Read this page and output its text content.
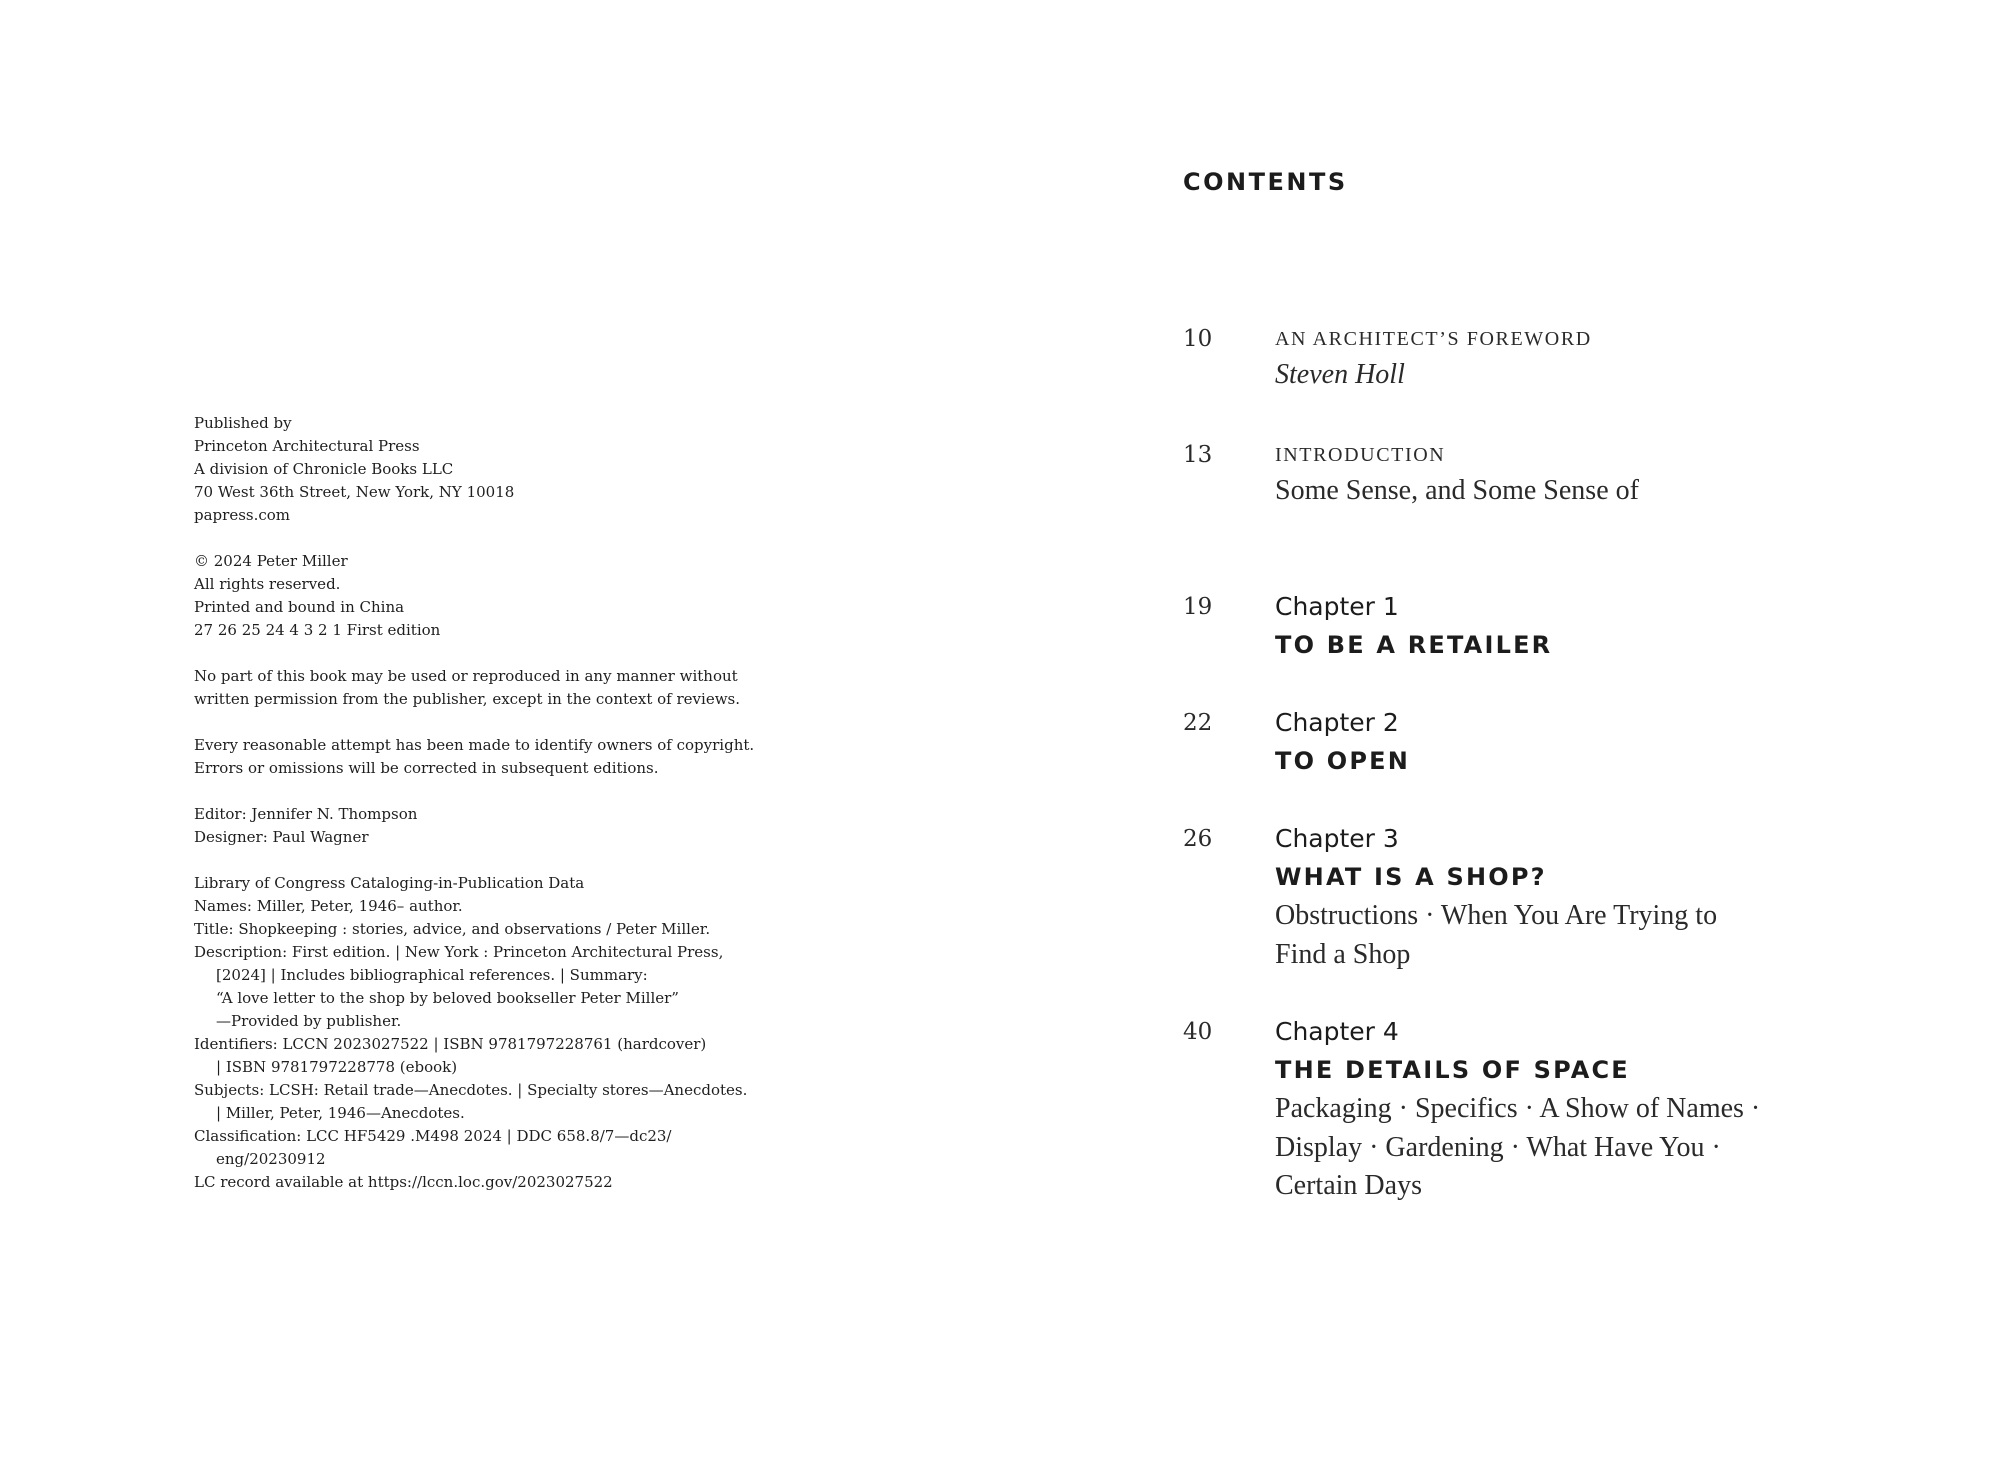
Published by
Princeton Architectural Press
A division of Chronicle Books LLC
70 West 36th Street, New York, NY 10018
papress.com
© 2024 Peter Miller
All rights reserved.
Printed and bound in China
27 26 25 24 4 3 2 1 First edition
No part of this book may be used or reproduced in any manner without
written permission from the publisher, except in the context of reviews.
Every reasonable attempt has been made to identify owners of copyright.
Errors or omissions will be corrected in subsequent editions.
Editor: Jennifer N. Thompson
Designer: Paul Wagner
Library of Congress Cataloging-in-Publication Data
Names: Miller, Peter, 1946– author.
Title: Shopkeeping : stories, advice, and observations / Peter Miller.
Description: First edition. | New York : Princeton Architectural Press,
[2024] | Includes bibliographical references. | Summary:
“A love letter to the shop by beloved bookseller Peter Miller”
—Provided by publisher.
Identifiers: LCCN 2023027522 | ISBN 9781797228761 (hardcover)
| ISBN 9781797228778 (ebook)
Subjects: LCSH: Retail trade—Anecdotes. | Specialty stores—Anecdotes.
| Miller, Peter, 1946—Anecdotes.
Classification: LCC HF5429 .M498 2024 | DDC 658.8/7—dc23/
eng/20230912
LC record available at https://lccn.loc.gov/2023027522
CONTENTS
10	AN ARCHITECT’S FOREWORD
Steven Holl
13	INTRODUCTION
Some Sense, and Some Sense of
19	Chapter 1
TO BE A RETAILER
22	Chapter 2
TO OPEN
26	Chapter 3
WHAT IS A SHOP?
Obstructions · When You Are Trying to
Find a Shop
40	Chapter 4
THE DETAILS OF SPACE
Packaging · Specifics · A Show of Names ·
Display · Gardening · What Have You ·
Certain Days
